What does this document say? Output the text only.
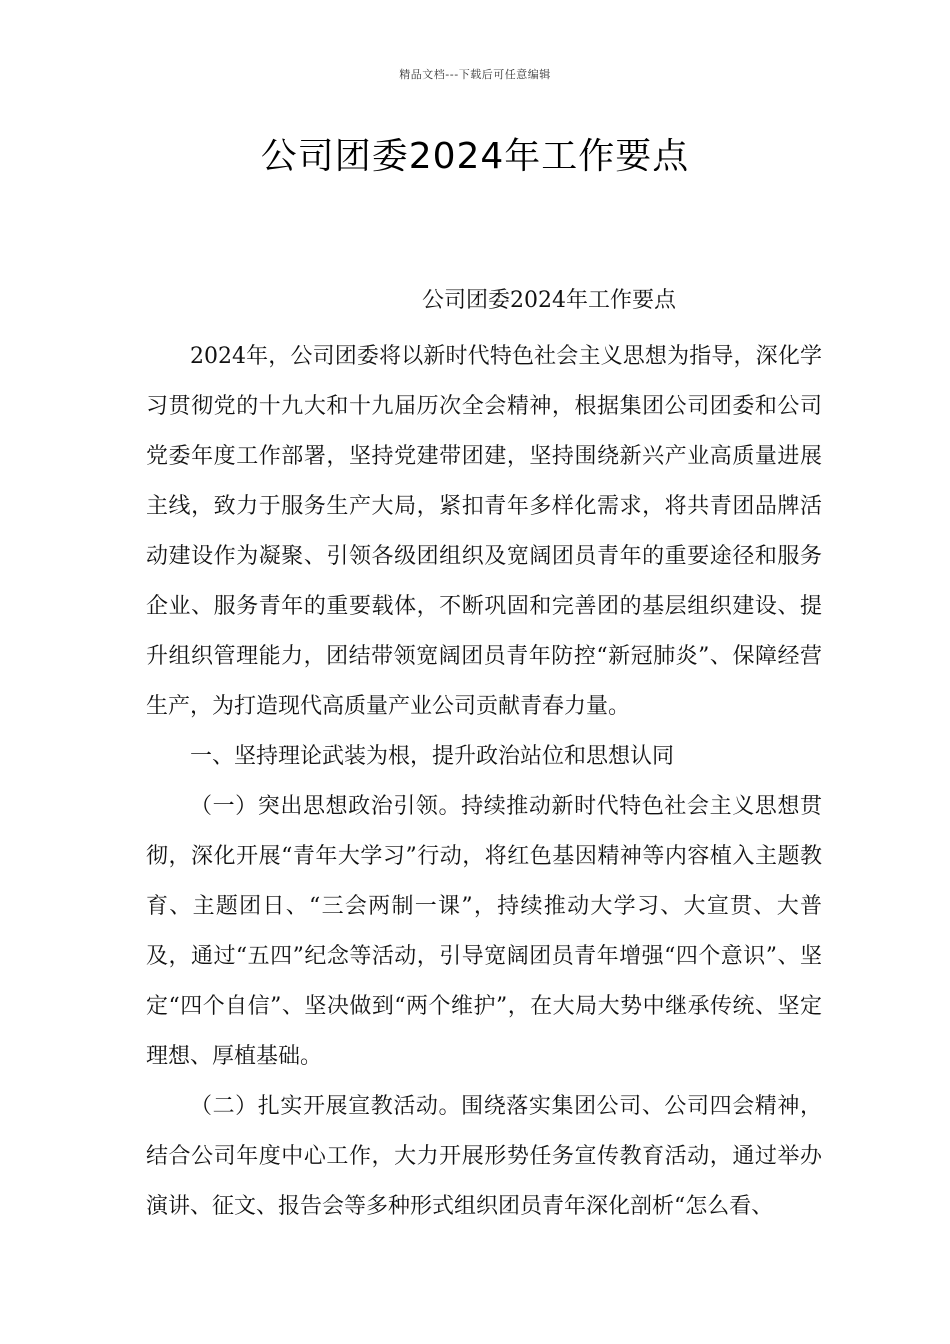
精品文档---下载后可任意编辑
公司团委2024年工作要点

公司团委2024年工作要点

2024年，公司团委将以新时代特色社会主义思想为指导，深化学习贯彻党的十九大和十九届历次全会精神，根据集团公司团委和公司党委年度工作部署，坚持党建带团建，坚持围绕新兴产业高质量进展主线，致力于服务生产大局，紧扣青年多样化需求，将共青团品牌活动建设作为凝聚、引领各级团组织及宽阔团员青年的重要途径和服务企业、服务青年的重要载体，不断巩固和完善团的基层组织建设、提升组织管理能力，团结带领宽阔团员青年防控“新冠肺炎”、保障经营生产，为打造现代高质量产业公司贡献青春力量。

一、坚持理论武装为根，提升政治站位和思想认同

（一）突出思想政治引领。持续推动新时代特色社会主义思想贯彻，深化开展“青年大学习”行动，将红色基因精神等内容植入主题教育、主题团日、“三会两制一课”，持续推动大学习、大宣贯、大普及，通过“五四”纪念等活动，引导宽阔团员青年增强“四个意识”、坚定“四个自信”、坚决做到“两个维护”，在大局大势中继承传统、坚定理想、厚植基础。

（二）扎实开展宣教活动。围绕落实集团公司、公司四会精神，结合公司年度中心工作，大力开展形势任务宣传教育活动，通过举办演讲、征文、报告会等多种形式组织团员青年深化剖析“怎么看、
